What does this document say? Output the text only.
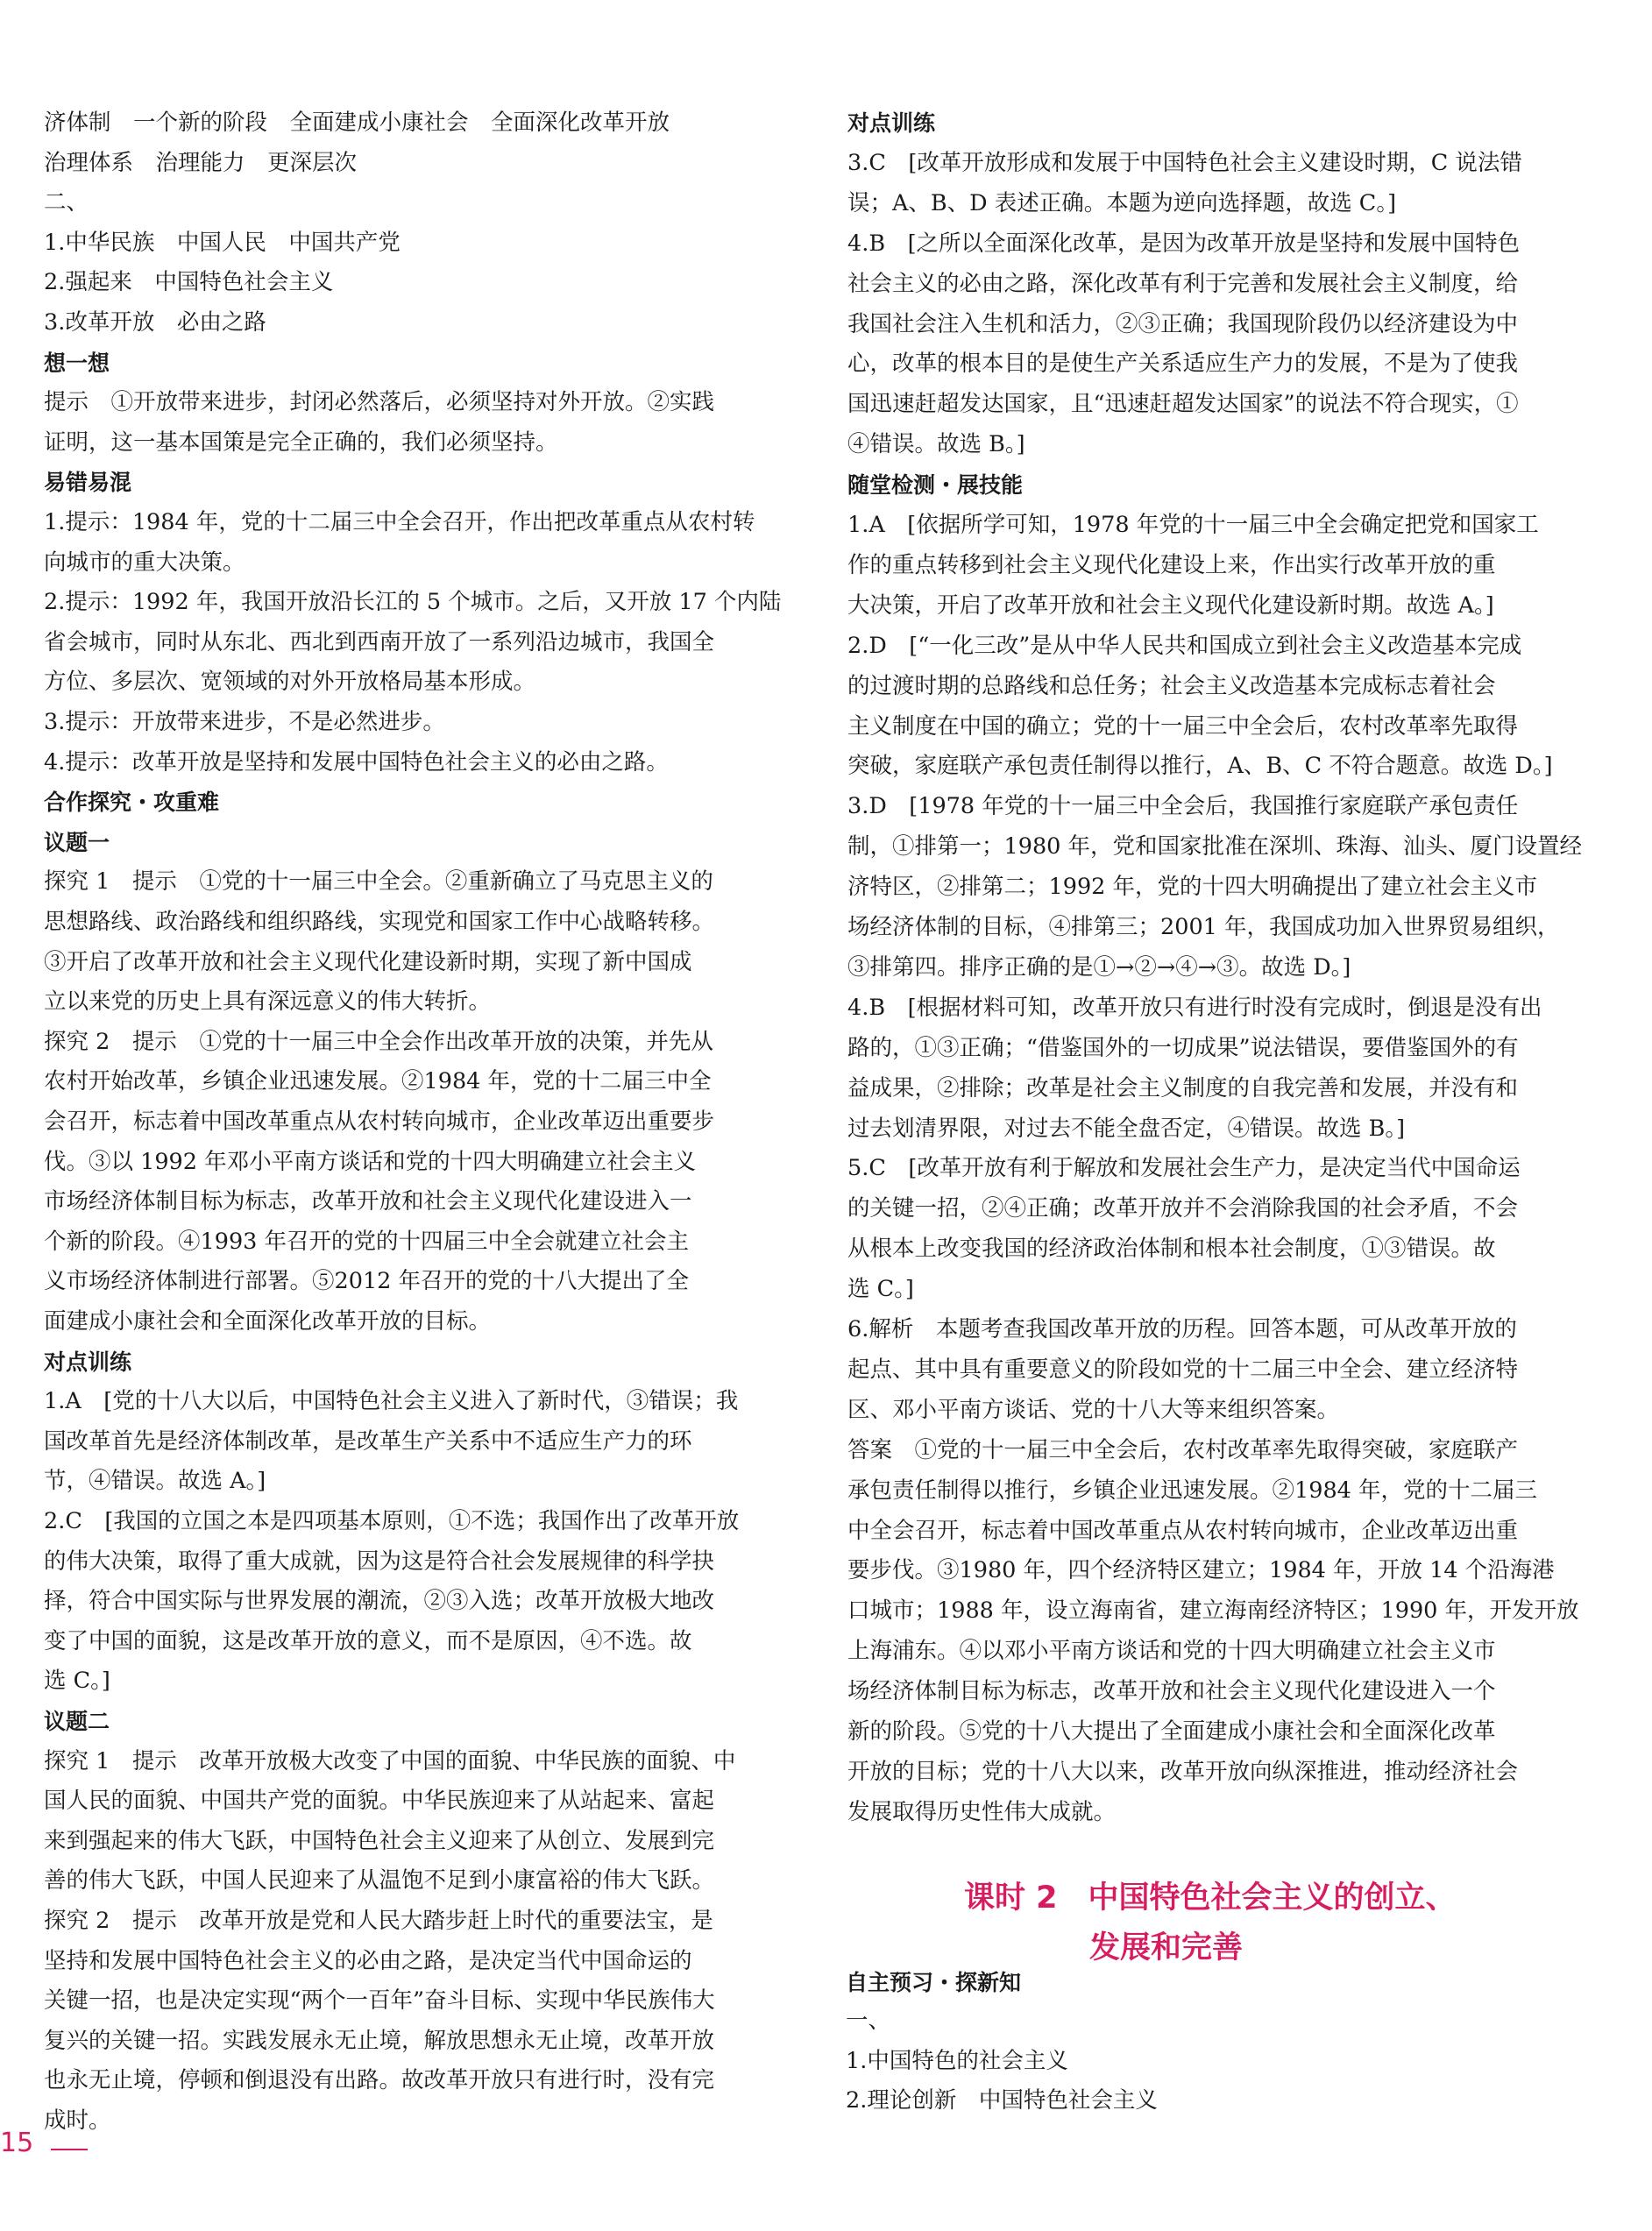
济体制　一个新的阶段　全面建成小康社会　全面深化改革开放
治理体系　治理能力　更深层次
二、
1.中华民族　中国人民　中国共产党
2.强起来　中国特色社会主义
3.改革开放　必由之路
想一想
提示　①开放带来进步，封闭必然落后，必须坚持对外开放。②实践
证明，这一基本国策是完全正确的，我们必须坚持。
易错易混
1.提示：1984 年，党的十二届三中全会召开，作出把改革重点从农村转
向城市的重大决策。
2.提示：1992 年，我国开放沿长江的 5 个城市。之后，又开放 17 个内陆
省会城市，同时从东北、西北到西南开放了一系列沿边城市，我国全
方位、多层次、宽领域的对外开放格局基本形成。
3.提示：开放带来进步，不是必然进步。
4.提示：改革开放是坚持和发展中国特色社会主义的必由之路。
合作探究・攻重难
议题一
探究 1　提示　①党的十一届三中全会。②重新确立了马克思主义的
思想路线、政治路线和组织路线，实现党和国家工作中心战略转移。
③开启了改革开放和社会主义现代化建设新时期，实现了新中国成
立以来党的历史上具有深远意义的伟大转折。
探究 2　提示　①党的十一届三中全会作出改革开放的决策，并先从
农村开始改革，乡镇企业迅速发展。②1984 年，党的十二届三中全
会召开，标志着中国改革重点从农村转向城市，企业改革迈出重要步
伐。③以 1992 年邓小平南方谈话和党的十四大明确建立社会主义
市场经济体制目标为标志，改革开放和社会主义现代化建设进入一
个新的阶段。④1993 年召开的党的十四届三中全会就建立社会主
义市场经济体制进行部署。⑤2012 年召开的党的十八大提出了全
面建成小康社会和全面深化改革开放的目标。
对点训练
1.A　[党的十八大以后，中国特色社会主义进入了新时代，③错误；我
国改革首先是经济体制改革，是改革生产关系中不适应生产力的环
节，④错误。故选 A。]
2.C　[我国的立国之本是四项基本原则，①不选；我国作出了改革开放
的伟大决策，取得了重大成就，因为这是符合社会发展规律的科学抉
择，符合中国实际与世界发展的潮流，②③入选；改革开放极大地改
变了中国的面貌，这是改革开放的意义，而不是原因，④不选。故
选 C。]
议题二
探究 1　提示　改革开放极大改变了中国的面貌、中华民族的面貌、中
国人民的面貌、中国共产党的面貌。中华民族迎来了从站起来、富起
来到强起来的伟大飞跃，中国特色社会主义迎来了从创立、发展到完
善的伟大飞跃，中国人民迎来了从温饱不足到小康富裕的伟大飞跃。
探究 2　提示　改革开放是党和人民大踏步赶上时代的重要法宝，是
坚持和发展中国特色社会主义的必由之路，是决定当代中国命运的
关键一招，也是决定实现“两个一百年”奋斗目标、实现中华民族伟大
复兴的关键一招。实践发展永无止境，解放思想永无止境，改革开放
也永无止境，停顿和倒退没有出路。故改革开放只有进行时，没有完
成时。
对点训练
3.C　[改革开放形成和发展于中国特色社会主义建设时期，C 说法错
误；A、B、D 表述正确。本题为逆向选择题，故选 C。]
4.B　[之所以全面深化改革，是因为改革开放是坚持和发展中国特色
社会主义的必由之路，深化改革有利于完善和发展社会主义制度，给
我国社会注入生机和活力，②③正确；我国现阶段仍以经济建设为中
心，改革的根本目的是使生产关系适应生产力的发展，不是为了使我
国迅速赶超发达国家，且“迅速赶超发达国家”的说法不符合现实，①
④错误。故选 B。]
随堂检测・展技能
1.A　[依据所学可知，1978 年党的十一届三中全会确定把党和国家工
作的重点转移到社会主义现代化建设上来，作出实行改革开放的重
大决策，开启了改革开放和社会主义现代化建设新时期。故选 A。]
2.D　[“一化三改”是从中华人民共和国成立到社会主义改造基本完成
的过渡时期的总路线和总任务；社会主义改造基本完成标志着社会
主义制度在中国的确立；党的十一届三中全会后，农村改革率先取得
突破，家庭联产承包责任制得以推行，A、B、C 不符合题意。故选 D。]
3.D　[1978 年党的十一届三中全会后，我国推行家庭联产承包责任
制，①排第一；1980 年，党和国家批准在深圳、珠海、汕头、厦门设置经
济特区，②排第二；1992 年，党的十四大明确提出了建立社会主义市
场经济体制的目标，④排第三；2001 年，我国成功加入世界贸易组织，
③排第四。排序正确的是①→②→④→③。故选 D。]
4.B　[根据材料可知，改革开放只有进行时没有完成时，倒退是没有出
路的，①③正确；“借鉴国外的一切成果”说法错误，要借鉴国外的有
益成果，②排除；改革是社会主义制度的自我完善和发展，并没有和
过去划清界限，对过去不能全盘否定，④错误。故选 B。]
5.C　[改革开放有利于解放和发展社会生产力，是决定当代中国命运
的关键一招，②④正确；改革开放并不会消除我国的社会矛盾，不会
从根本上改变我国的经济政治体制和根本社会制度，①③错误。故
选 C。]
6.解析　本题考查我国改革开放的历程。回答本题，可从改革开放的
起点、其中具有重要意义的阶段如党的十二届三中全会、建立经济特
区、邓小平南方谈话、党的十八大等来组织答案。
答案　①党的十一届三中全会后，农村改革率先取得突破，家庭联产
承包责任制得以推行，乡镇企业迅速发展。②1984 年，党的十二届三
中全会召开，标志着中国改革重点从农村转向城市，企业改革迈出重
要步伐。③1980 年，四个经济特区建立；1984 年，开放 14 个沿海港
口城市；1988 年，设立海南省，建立海南经济特区；1990 年，开发开放
上海浦东。④以邓小平南方谈话和党的十四大明确建立社会主义市
场经济体制目标为标志，改革开放和社会主义现代化建设进入一个
新的阶段。⑤党的十八大提出了全面建成小康社会和全面深化改革
开放的目标；党的十八大以来，改革开放向纵深推进，推动经济社会
发展取得历史性伟大成就。
课时 2　中国特色社会主义的创立、
发展和完善
自主预习・探新知
一、
1.中国特色的社会主义
2.理论创新　中国特色社会主义
15
